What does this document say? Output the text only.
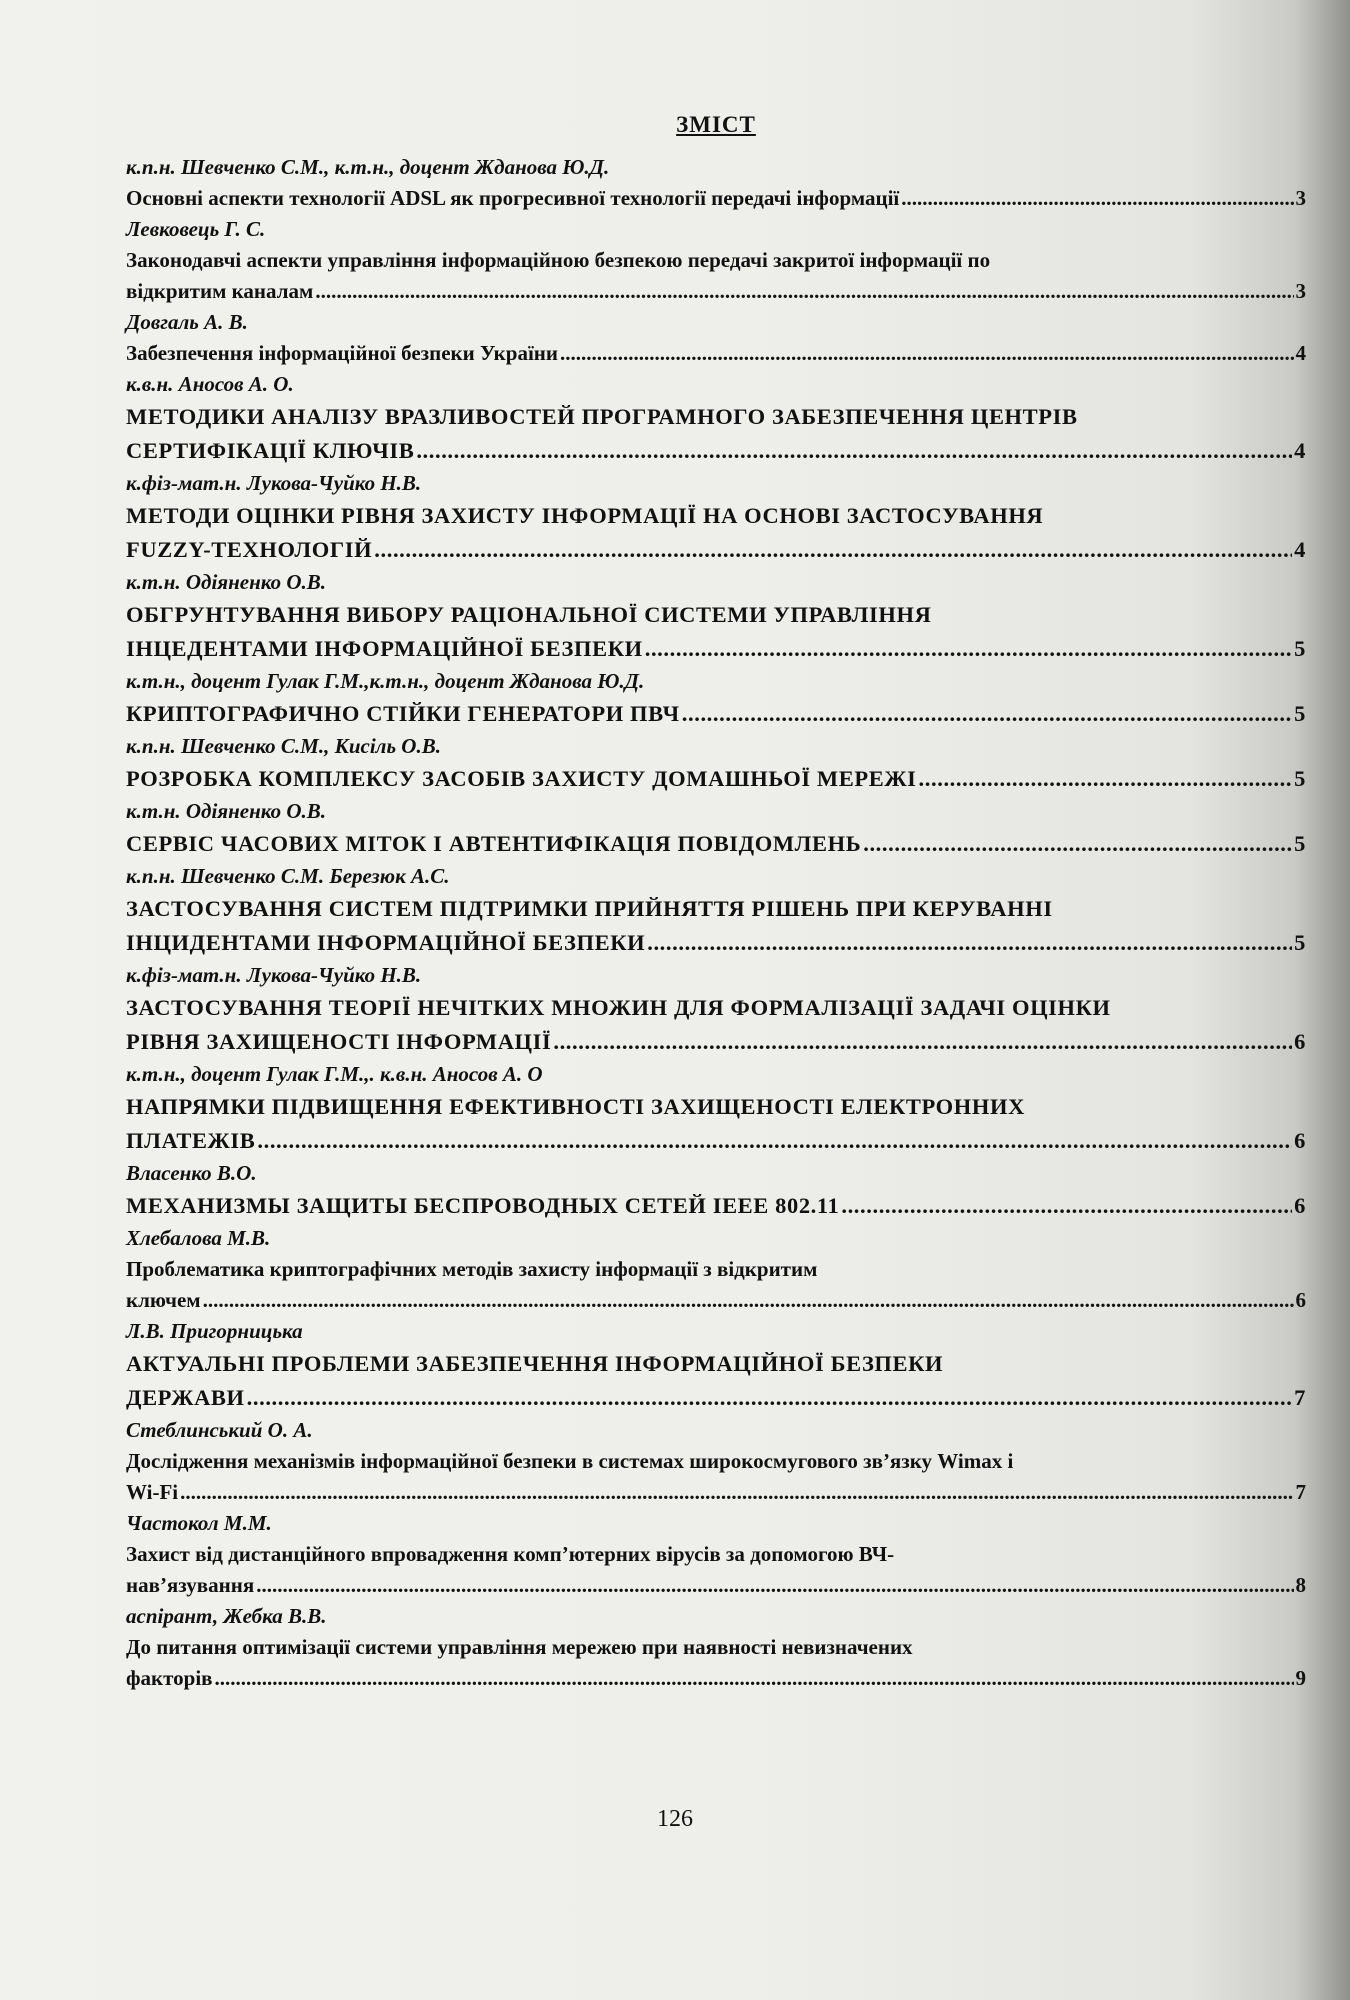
ЗМІСТ
к.п.н. Шевченко С.М., к.т.н., доцент Жданова Ю.Д.
Основні аспекти технології ADSL як прогресивної технології передачі інформації .....	3
Левковець Г. С.
Законодавчі аспекти управління інформаційною безпекою передачі закритої інформації по
відкритим каналам .....	3
Довгаль А. В.
Забезпечення інформаційної безпеки України .....	4
к.в.н. Аносов А. О.
МЕТОДИКИ АНАЛІЗУ ВРАЗЛИВОСТЕЙ ПРОГРАМНОГО ЗАБЕЗПЕЧЕННЯ ЦЕНТРІВ
СЕРТИФІКАЦІЇ КЛЮЧІВ .....	4
к.фіз-мат.н. Лукова-Чуйко Н.В.
МЕТОДИ ОЦІНКИ РІВНЯ ЗАХИСТУ ІНФОРМАЦІЇ НА ОСНОВІ ЗАСТОСУВАННЯ
FUZZY-ТЕХНОЛОГІЙ .....	4
к.т.н. Одіяненко О.В.
ОБГРУНТУВАННЯ ВИБОРУ РАЦІОНАЛЬНОЇ СИСТЕМИ УПРАВЛІННЯ
ІНЦЕДЕНТАМИ ІНФОРМАЦІЙНОЇ БЕЗПЕКИ .....	5
к.т.н., доцент Гулак Г.М.,к.т.н., доцент Жданова Ю.Д.
КРИПТОГРАФИЧНО СТІЙКИ ГЕНЕРАТОРИ ПВЧ .....	5
к.п.н. Шевченко С.М., Кисіль О.В.
РОЗРОБКА КОМПЛЕКСУ ЗАСОБІВ ЗАХИСТУ ДОМАШНЬОЇ МЕРЕЖІ .....	5
к.т.н. Одіяненко О.В.
СЕРВІС ЧАСОВИХ МІТОК І АВТЕНТИФІКАЦІЯ ПОВІДОМЛЕНЬ .....	5
к.п.н. Шевченко С.М. Березюк А.С.
ЗАСТОСУВАННЯ СИСТЕМ ПІДТРИМКИ ПРИЙНЯТТЯ РІШЕНЬ ПРИ КЕРУВАННІ
ІНЦИДЕНТАМИ ІНФОРМАЦІЙНОЇ БЕЗПЕКИ .....	5
к.фіз-мат.н. Лукова-Чуйко Н.В.
ЗАСТОСУВАННЯ ТЕОРІЇ НЕЧІТКИХ МНОЖИН ДЛЯ ФОРМАЛІЗАЦІЇ ЗАДАЧІ ОЦІНКИ
РІВНЯ ЗАХИЩЕНОСТІ ІНФОРМАЦІЇ .....	6
к.т.н., доцент Гулак Г.М.,. к.в.н. Аносов А. О
НАПРЯМКИ ПІДВИЩЕННЯ ЕФЕКТИВНОСТІ ЗАХИЩЕНОСТІ ЕЛЕКТРОННИХ
ПЛАТЕЖІВ .....	6
Власенко В.О.
МЕХАНИЗМЫ ЗАЩИТЫ БЕСПРОВОДНЫХ СЕТЕЙ IEEE 802.11 .....	6
Хлебалова М.В.
Проблематика криптографічних методів захисту інформації з відкритим
ключем .....	6
Л.В. Пригорницька
АКТУАЛЬНІ ПРОБЛЕМИ ЗАБЕЗПЕЧЕННЯ ІНФОРМАЦІЙНОЇ БЕЗПЕКИ
ДЕРЖАВИ .....	7
Стеблинський О. А.
Дослідження механізмів інформаційної безпеки в системах широкосмугового зв’язку Wimax і
Wi-Fi .....	7
Частокол М.М.
Захист від дистанційного впровадження комп’ютерних вірусів за допомогою ВЧ-
нав’язування .....	8
аспірант, Жебка В.В.
До питання оптимізації системи управління мережею при наявності невизначених
факторів .....	9
126
